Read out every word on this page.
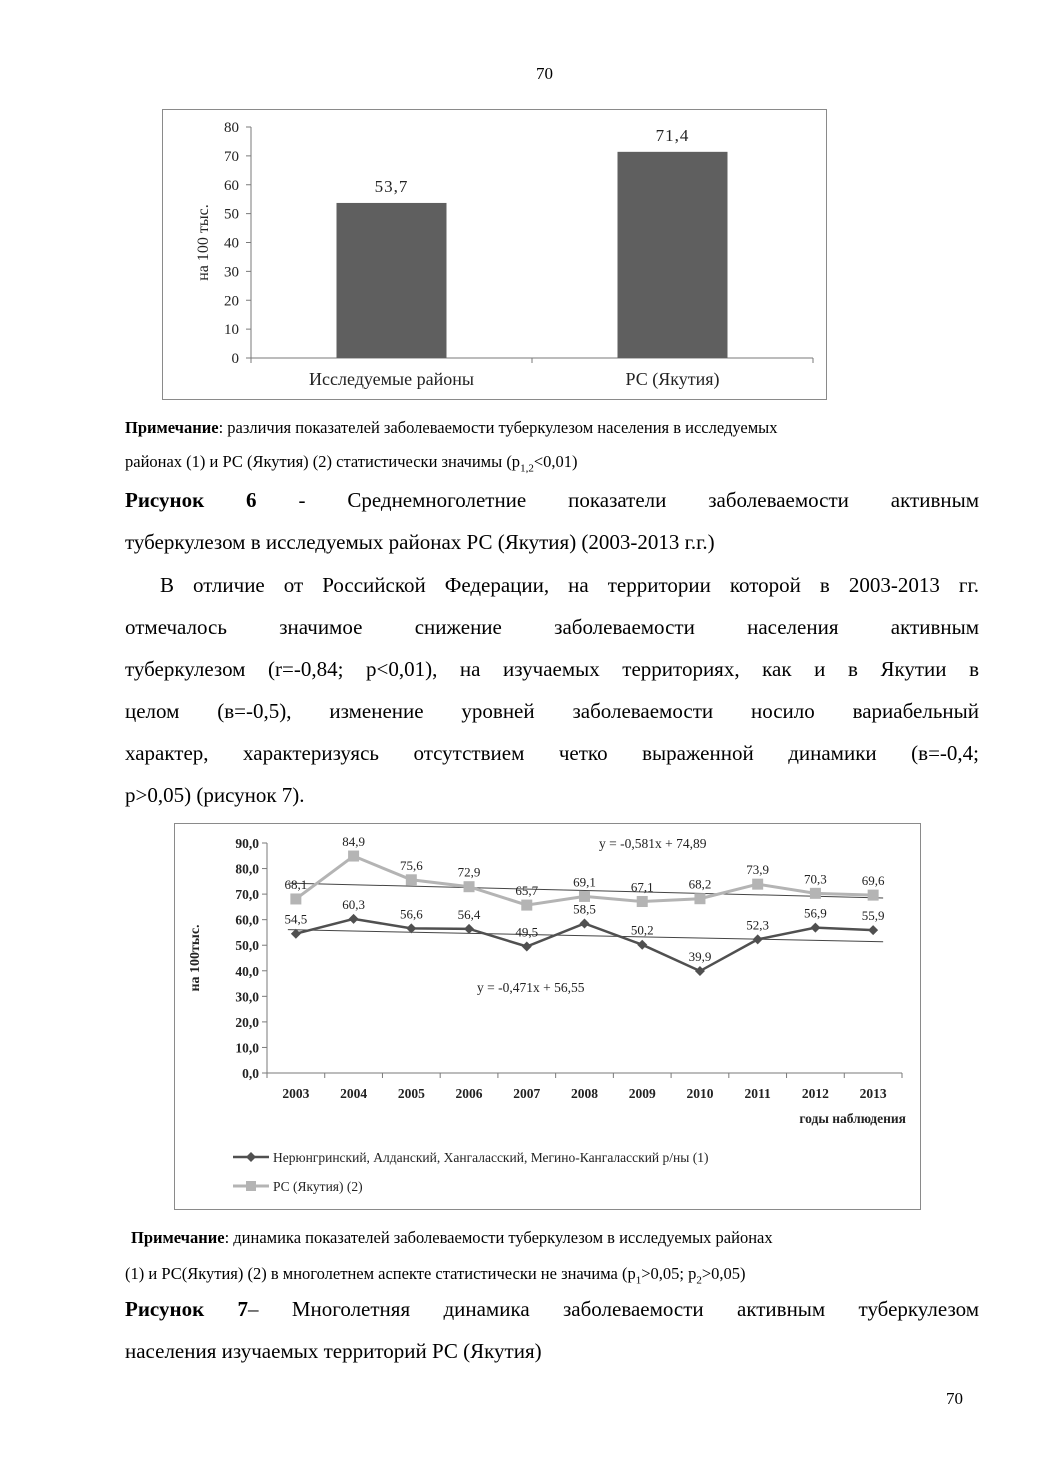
70
0
10
20
30
40
50
60
70
80
53,7
Исследуемые районы
71,4
РС (Якутия)
на 100 тыс.
Примечание: различия показателей заболеваемости туберкулезом населения в исследуемых
районах (1) и РС (Якутия) (2) статистически значимы $(p_{1,2}<0,01)$
Рисунок 6 - Среднемноголетние показатели заболеваемости активным
туберкулезом в исследуемых районах РС (Якутия) (2003-2013 г.г.)
В отличие от Российской Федерации, на территории которой в 2003-2013 гг.
отмечалось значимое снижение заболеваемости населения активным
туберкулезом (r=-0,84; p<0,01), на изучаемых территориях, как и в Якутии в
целом (в=-0,5), изменение уровней заболеваемости носило вариабельный
характер, характеризуясь отсутствием четко выраженной динамики (в=-0,4;
p>0,05) (рисунок 7).
0,0
10,0
20,0
30,0
40,0
50,0
60,0
70,0
80,0
90,0
2003 2004 2005 2006 2007 2008 2009 2010 2011 2012 2013
годы наблюдения
на 100тыс.
54,5
60,3
56,6	56,4
49,5
58,5
50,2
39,9
52,3
56,9	55,9
68,1
84,9
75,6	72,9
65,7
69,1	67,1	68,2
73,9
70,3	69,6
y = -0,581x + 74,89
y = -0,471x + 56,55
Нерюнгринский, Алданский, Хангаласский, Мегино-Кангаласский р/ны (1)
РС (Якутия) (2)
Примечание: динамика показателей заболеваемости туберкулезом в исследуемых районах
(1) и РС(Якутия) (2) в многолетнем аспекте статистически не значима ($p_1>0,05$; $p_2>0,05$)
Рисунок 7– Многолетняя динамика заболеваемости активным туберкулезом
населения изучаемых территорий РС (Якутия)
70
